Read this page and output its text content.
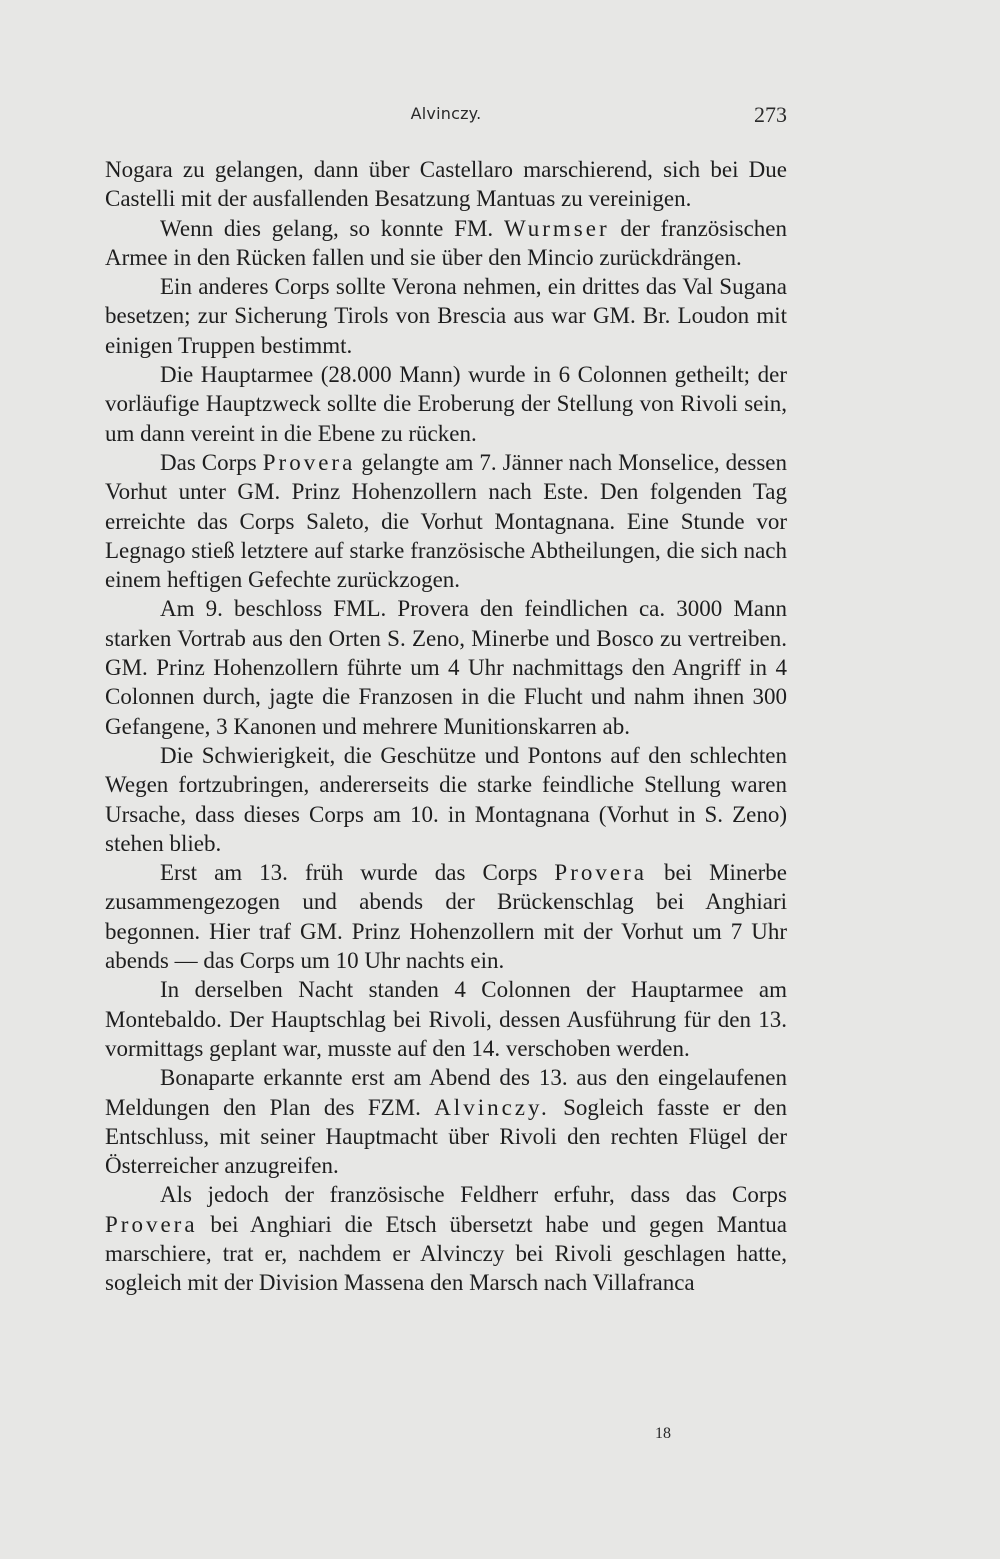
Alvinczy.	273

Nogara zu gelangen, dann über Castellaro marschierend, sich bei Due Castelli mit der ausfallenden Besatzung Mantuas zu vereinigen.

Wenn dies gelang, so konnte FM. Wurmser der französischen Armee in den Rücken fallen und sie über den Mincio zurückdrängen.

Ein anderes Corps sollte Verona nehmen, ein drittes das Val Sugana besetzen; zur Sicherung Tirols von Brescia aus war GM. Br. Loudon mit einigen Truppen bestimmt.

Die Hauptarmee (28.000 Mann) wurde in 6 Colonnen getheilt; der vorläufige Hauptzweck sollte die Eroberung der Stellung von Rivoli sein, um dann vereint in die Ebene zu rücken.

Das Corps Provera gelangte am 7. Jänner nach Monselice, dessen Vorhut unter GM. Prinz Hohenzollern nach Este. Den folgenden Tag erreichte das Corps Saleto, die Vorhut Montagnana. Eine Stunde vor Legnago stieß letztere auf starke französische Abtheilungen, die sich nach einem heftigen Gefechte zurückzogen.

Am 9. beschloss FML. Provera den feindlichen ca. 3000 Mann starken Vortrab aus den Orten S. Zeno, Minerbe und Bosco zu vertreiben. GM. Prinz Hohenzollern führte um 4 Uhr nachmittags den Angriff in 4 Colonnen durch, jagte die Franzosen in die Flucht und nahm ihnen 300 Gefangene, 3 Kanonen und mehrere Munitionskarren ab.

Die Schwierigkeit, die Geschütze und Pontons auf den schlechten Wegen fortzubringen, andererseits die starke feindliche Stellung waren Ursache, dass dieses Corps am 10. in Montagnana (Vorhut in S. Zeno) stehen blieb.

Erst am 13. früh wurde das Corps Provera bei Minerbe zusammengezogen und abends der Brückenschlag bei Anghiari begonnen. Hier traf GM. Prinz Hohenzollern mit der Vorhut um 7 Uhr abends — das Corps um 10 Uhr nachts ein.

In derselben Nacht standen 4 Colonnen der Hauptarmee am Montebaldo. Der Hauptschlag bei Rivoli, dessen Ausführung für den 13. vormittags geplant war, musste auf den 14. verschoben werden.

Bonaparte erkannte erst am Abend des 13. aus den eingelaufenen Meldungen den Plan des FZM. Alvinczy. Sogleich fasste er den Entschluss, mit seiner Hauptmacht über Rivoli den rechten Flügel der Österreicher anzugreifen.

Als jedoch der französische Feldherr erfuhr, dass das Corps Provera bei Anghiari die Etsch übersetzt habe und gegen Mantua marschiere, trat er, nachdem er Alvinczy bei Rivoli geschlagen hatte, sogleich mit der Division Massena den Marsch nach Villafranca

18
